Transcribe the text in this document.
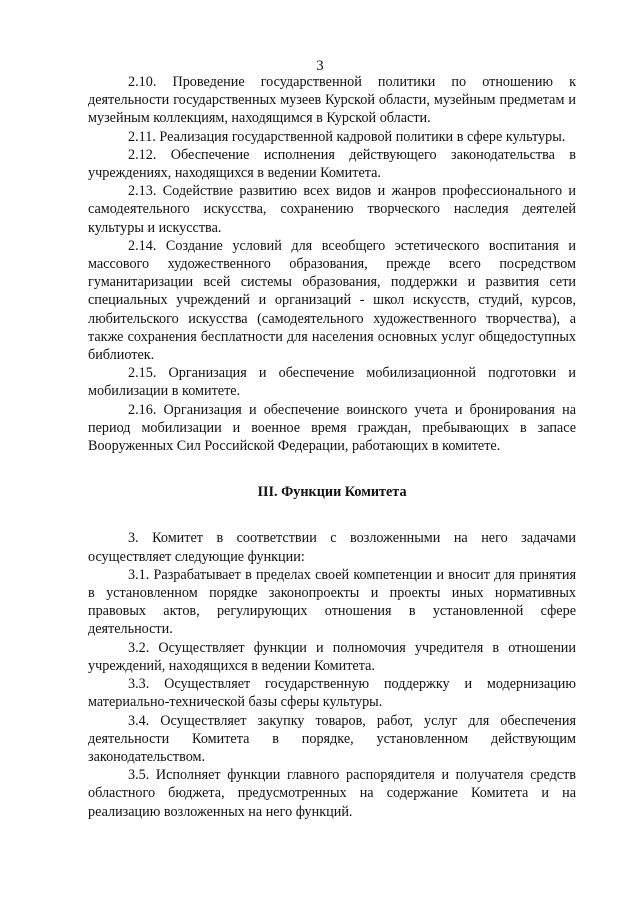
3

2.10. Проведение государственной политики по отношению к деятельности государственных музеев Курской области, музейным предметам и музейным коллекциям, находящимся в Курской области.

2.11. Реализация государственной кадровой политики в сфере культуры.

2.12. Обеспечение исполнения действующего законодательства в учреждениях, находящихся в ведении Комитета.

2.13. Содействие развитию всех видов и жанров профессионального и самодеятельного искусства, сохранению творческого наследия деятелей культуры и искусства.

2.14. Создание условий для всеобщего эстетического воспитания и массового художественного образования, прежде всего посредством гуманитаризации всей системы образования, поддержки и развития сети специальных учреждений и организаций - школ искусств, студий, курсов, любительского искусства (самодеятельного художественного творчества), а также сохранения бесплатности для населения основных услуг общедоступных библиотек.

2.15. Организация и обеспечение мобилизационной подготовки и мобилизации в комитете.

2.16. Организация и обеспечение воинского учета и бронирования на период мобилизации и военное время граждан, пребывающих в запасе Вооруженных Сил Российской Федерации, работающих в комитете.

III. Функции Комитета

3. Комитет в соответствии с возложенными на него задачами осуществляет следующие функции:

3.1. Разрабатывает в пределах своей компетенции и вносит для принятия в установленном порядке законопроекты и проекты иных нормативных правовых актов, регулирующих отношения в установленной сфере деятельности.

3.2. Осуществляет функции и полномочия учредителя в отношении учреждений, находящихся в ведении Комитета.

3.3. Осуществляет государственную поддержку и модернизацию материально-технической базы сферы культуры.

3.4. Осуществляет закупку товаров, работ, услуг для обеспечения деятельности Комитета в порядке, установленном действующим законодательством.

3.5. Исполняет функции главного распорядителя и получателя средств областного бюджета, предусмотренных на содержание Комитета и на реализацию возложенных на него функций.
